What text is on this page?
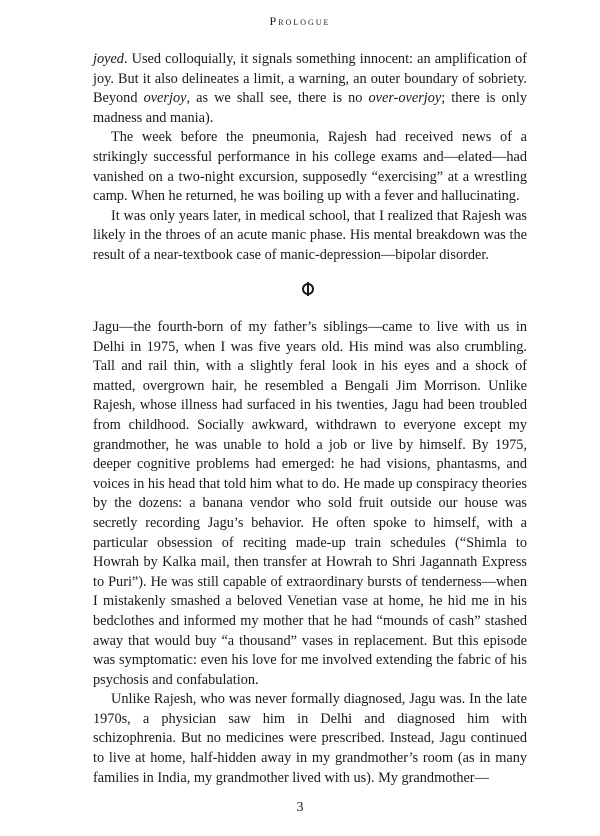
Prologue

joyed. Used colloquially, it signals something innocent: an amplification of joy. But it also delineates a limit, a warning, an outer boundary of sobriety. Beyond overjoy, as we shall see, there is no over-overjoy; there is only madness and mania).

The week before the pneumonia, Rajesh had received news of a strikingly successful performance in his college exams and—elated—had vanished on a two-night excursion, supposedly “exercising” at a wrestling camp. When he returned, he was boiling up with a fever and hallucinating.

It was only years later, in medical school, that I realized that Rajesh was likely in the throes of an acute manic phase. His mental breakdown was the result of a near-textbook case of manic-depression—bipolar disorder.

Jagu—the fourth-born of my father’s siblings—came to live with us in Delhi in 1975, when I was five years old. His mind was also crumbling. Tall and rail thin, with a slightly feral look in his eyes and a shock of matted, overgrown hair, he resembled a Bengali Jim Morrison. Unlike Rajesh, whose illness had surfaced in his twenties, Jagu had been troubled from childhood. Socially awkward, withdrawn to everyone except my grandmother, he was unable to hold a job or live by himself. By 1975, deeper cognitive problems had emerged: he had visions, phantasms, and voices in his head that told him what to do. He made up conspiracy theories by the dozens: a banana vendor who sold fruit outside our house was secretly recording Jagu’s behavior. He often spoke to himself, with a particular obsession of reciting made-up train schedules (“Shimla to Howrah by Kalka mail, then transfer at Howrah to Shri Jagannath Express to Puri”). He was still capable of extraordinary bursts of tenderness—when I mistakenly smashed a beloved Venetian vase at home, he hid me in his bedclothes and informed my mother that he had “mounds of cash” stashed away that would buy “a thousand” vases in replacement. But this episode was symptomatic: even his love for me involved extending the fabric of his psychosis and confabulation.

Unlike Rajesh, who was never formally diagnosed, Jagu was. In the late 1970s, a physician saw him in Delhi and diagnosed him with schizophrenia. But no medicines were prescribed. Instead, Jagu continued to live at home, half-hidden away in my grandmother’s room (as in many families in India, my grandmother lived with us). My grandmother—

3
